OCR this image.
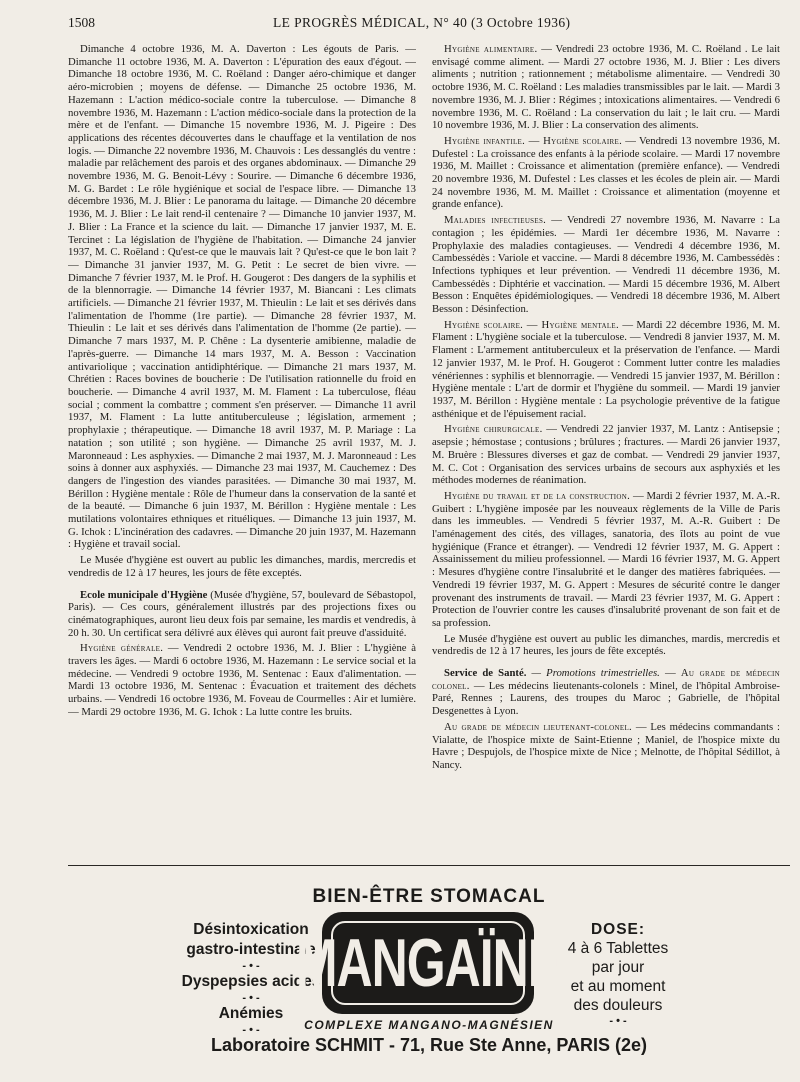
1508	LE PROGRÈS MÉDICAL, N° 40 (3 Octobre 1936)

Dimanche 4 octobre 1936, M. A. Daverton : Les égouts de Paris. — Dimanche 11 octobre 1936, M. A. Daverton : L'épuration des eaux d'égout. — Dimanche 18 octobre 1936, M. C. Roëland : Danger aéro-chimique et danger aéro-microbien ; moyens de défense. — Dimanche 25 octobre 1936, M. Hazemann : L'action médico-sociale contre la tuberculose. — Dimanche 8 novembre 1936, M. Hazemann : L'action médico-sociale dans la protection de la mère et de l'enfant. — Dimanche 15 novembre 1936, M. J. Pigeire : Des applications des récentes découvertes dans le chauffage et la ventilation de nos logis. — Dimanche 22 novembre 1936, M. Chauvois : Les dessanglés du ventre : maladie par relâchement des parois et des organes abdominaux. — Dimanche 29 novembre 1936, M. G. Benoit-Lévy : Sourire. — Dimanche 6 décembre 1936, M. G. Bardet : Le rôle hygiénique et social de l'espace libre. — Dimanche 13 décembre 1936, M. J. Blier : Le panorama du laitage. — Dimanche 20 décembre 1936, M. J. Blier : Le lait rend-il centenaire ? — Dimanche 10 janvier 1937, M. J. Blier : La France et la science du lait. — Dimanche 17 janvier 1937, M. E. Tercinet : La législation de l'hygiène de l'habitation. — Dimanche 24 janvier 1937, M. C. Roëland : Qu'est-ce que le mauvais lait ? Qu'est-ce que le bon lait ? — Dimanche 31 janvier 1937, M. G. Petit : Le secret de bien vivre. — Dimanche 7 février 1937, M. le Prof. H. Gougerot : Des dangers de la syphilis et de la blennorragie. — Dimanche 14 février 1937, M. Biancani : Les climats artificiels. — Dimanche 21 février 1937, M. Thieulin : Le lait et ses dérivés dans l'alimentation de l'homme (1re partie). — Dimanche 28 février 1937, M. Thieulin : Le lait et ses dérivés dans l'alimentation de l'homme (2e partie). — Dimanche 7 mars 1937, M. P. Chêne : La dysenterie amibienne, maladie de l'après-guerre. — Dimanche 14 mars 1937, M. A. Besson : Vaccination antivariolique ; vaccination antidiphtérique. — Dimanche 21 mars 1937, M. Chrétien : Races bovines de boucherie : De l'utilisation rationnelle du froid en boucherie. — Dimanche 4 avril 1937, M. M. Flament : La tuberculose, fléau social ; comment la combattre ; comment s'en préserver. — Dimanche 11 avril 1937, M. Flament : La lutte antituberculeuse ; législation, armement ; prophylaxie ; thérapeutique. — Dimanche 18 avril 1937, M. P. Mariage : La natation ; son utilité ; son hygiène. — Dimanche 25 avril 1937, M. J. Maronneaud : Les asphyxies. — Dimanche 2 mai 1937, M. J. Maronneaud : Les soins à donner aux asphyxiés. — Dimanche 23 mai 1937, M. Cauchemez : Des dangers de l'ingestion des viandes parasitées. — Dimanche 30 mai 1937, M. Bérillon : Hygiène mentale : Rôle de l'humeur dans la conservation de la santé et de la beauté. — Dimanche 6 juin 1937, M. Bérillon : Hygiène mentale : Les mutilations volontaires ethniques et rituéliques. — Dimanche 13 juin 1937, M. G. Ichok : L'incinération des cadavres. — Dimanche 20 juin 1937, M. Hazemann : Hygiène et travail social.

Le Musée d'hygiène est ouvert au public les dimanches, mardis, mercredis et vendredis de 12 à 17 heures, les jours de fête exceptés.

Ecole municipale d'Hygiène (Musée d'hygiène, 57, boulevard de Sébastopol, Paris). — Ces cours, généralement illustrés par des projections fixes ou cinématographiques, auront lieu deux fois par semaine, les mardis et vendredis, à 20 h. 30. Un certificat sera délivré aux élèves qui auront fait preuve d'assiduité.

Hygiène générale. — Vendredi 2 octobre 1936, M. J. Blier : L'hygiène à travers les âges. — Mardi 6 octobre 1936, M. Hazemann : Le service social et la médecine. — Vendredi 9 octobre 1936, M. Sentenac : Eaux d'alimentation. — Mardi 13 octobre 1936, M. Sentenac : Évacuation et traitement des déchets urbains. — Vendredi 16 octobre 1936, M. Foveau de Courmelles : Air et lumière. — Mardi 29 octobre 1936, M. G. Ichok : La lutte contre les bruits.

Hygiène alimentaire. — Vendredi 23 octobre 1936, M. C. Roëland . Le lait envisagé comme aliment. — Mardi 27 octobre 1936, M. J. Blier : Les divers aliments ; nutrition ; rationnement ; métabolisme alimentaire. — Vendredi 30 octobre 1936, M. C. Roëland : Les maladies transmissibles par le lait. — Mardi 3 novembre 1936, M. J. Blier : Régimes ; intoxications alimentaires. — Vendredi 6 novembre 1936, M. C. Roëland : La conservation du lait ; le lait cru. — Mardi 10 novembre 1936, M. J. Blier : La conservation des aliments.

Hygiène infantile. — Hygiène scolaire. — Vendredi 13 novembre 1936, M. Dufestel : La croissance des enfants à la période scolaire. — Mardi 17 novembre 1936, M. Maillet : Croissance et alimentation (première enfance). — Vendredi 20 novembre 1936, M. Dufestel : Les classes et les écoles de plein air. — Mardi 24 novembre 1936, M. M. Maillet : Croissance et alimentation (moyenne et grande enfance).

Maladies infectieuses. — Vendredi 27 novembre 1936, M. Navarre : La contagion ; les épidémies. — Mardi 1er décembre 1936, M. Navarre : Prophylaxie des maladies contagieuses. — Vendredi 4 décembre 1936, M. Cambessédès : Variole et vaccine. — Mardi 8 décembre 1936, M. Cambessédès : Infections typhiques et leur prévention. — Vendredi 11 décembre 1936, M. Cambessédès : Diphtérie et vaccination. — Mardi 15 décembre 1936, M. Albert Besson : Enquêtes épidémiologiques. — Vendredi 18 décembre 1936, M. Albert Besson : Désinfection.

Hygiène scolaire. — Hygiène mentale. — Mardi 22 décembre 1936, M. M. Flament : L'hygiène sociale et la tuberculose. — Vendredi 8 janvier 1937, M. M. Flament : L'armement antituberculeux et la préservation de l'enfance. — Mardi 12 janvier 1937, M. le Prof. H. Gougerot : Comment lutter contre les maladies vénériennes : syphilis et blennorragie. — Vendredi 15 janvier 1937, M. Bérillon : Hygiène mentale : L'art de dormir et l'hygiène du sommeil. — Mardi 19 janvier 1937, M. Bérillon : Hygiène mentale : La psychologie préventive de la fatigue asthénique et de l'épuisement racial.

Hygiène chirurgicale. — Vendredi 22 janvier 1937, M. Lantz : Antisepsie ; asepsie ; hémostase ; contusions ; brûlures ; fractures. — Mardi 26 janvier 1937, M. Bruère : Blessures diverses et gaz de combat. — Vendredi 29 janvier 1937, M. C. Cot : Organisation des services urbains de secours aux asphyxiés et les méthodes modernes de réanimation.

Hygiène du travail et de la construction. — Mardi 2 février 1937, M. A.-R. Guibert : L'hygiène imposée par les nouveaux règlements de la Ville de Paris dans les immeubles. — Vendredi 5 février 1937, M. A.-R. Guibert : De l'aménagement des cités, des villages, sanatoria, des îlots au point de vue hygiénique (France et étranger). — Vendredi 12 février 1937, M. G. Appert : Assainissement du milieu professionnel. — Mardi 16 février 1937, M. G. Appert : Mesures d'hygiène contre l'insalubrité et le danger des matières fabriquées. — Vendredi 19 février 1937, M. G. Appert : Mesures de sécurité contre le danger provenant des instruments de travail. — Mardi 23 février 1937, M. G. Appert : Protection de l'ouvrier contre les causes d'insalubrité provenant de son fait et de sa profession.

Le Musée d'hygiène est ouvert au public les dimanches, mardis, mercredis et vendredis de 12 à 17 heures, les jours de fête exceptés.

Service de Santé. — Promotions trimestrielles. — Au grade de médecin colonel. — Les médecins lieutenants-colonels : Minel, de l'hôpital Ambroise-Paré, Rennes ; Laurens, des troupes du Maroc ; Gabrielle, de l'hôpital Desgenettes à Lyon.

Au grade de médecin lieutenant-colonel. — Les médecins commandants : Vialatte, de l'hospice mixte de Saint-Etienne ; Maniel, de l'hospice mixte du Havre ; Despujols, de l'hospice mixte de Nice ; Melnotte, de l'hôpital Sédillot, à Nancy.

BIEN-ÊTRE STOMACAL
Désintoxication
gastro-intestinale
- • -
Dyspepsies acides
- • -
Anémies
- • -
MANGAÏNE	DOSE:
4 à 6 Tablettes
par jour
et au moment
des douleurs
- • -
COMPLEXE MANGANO-MAGNÉSIEN
Laboratoire SCHMIT - 71, Rue Ste Anne, PARIS (2e)
